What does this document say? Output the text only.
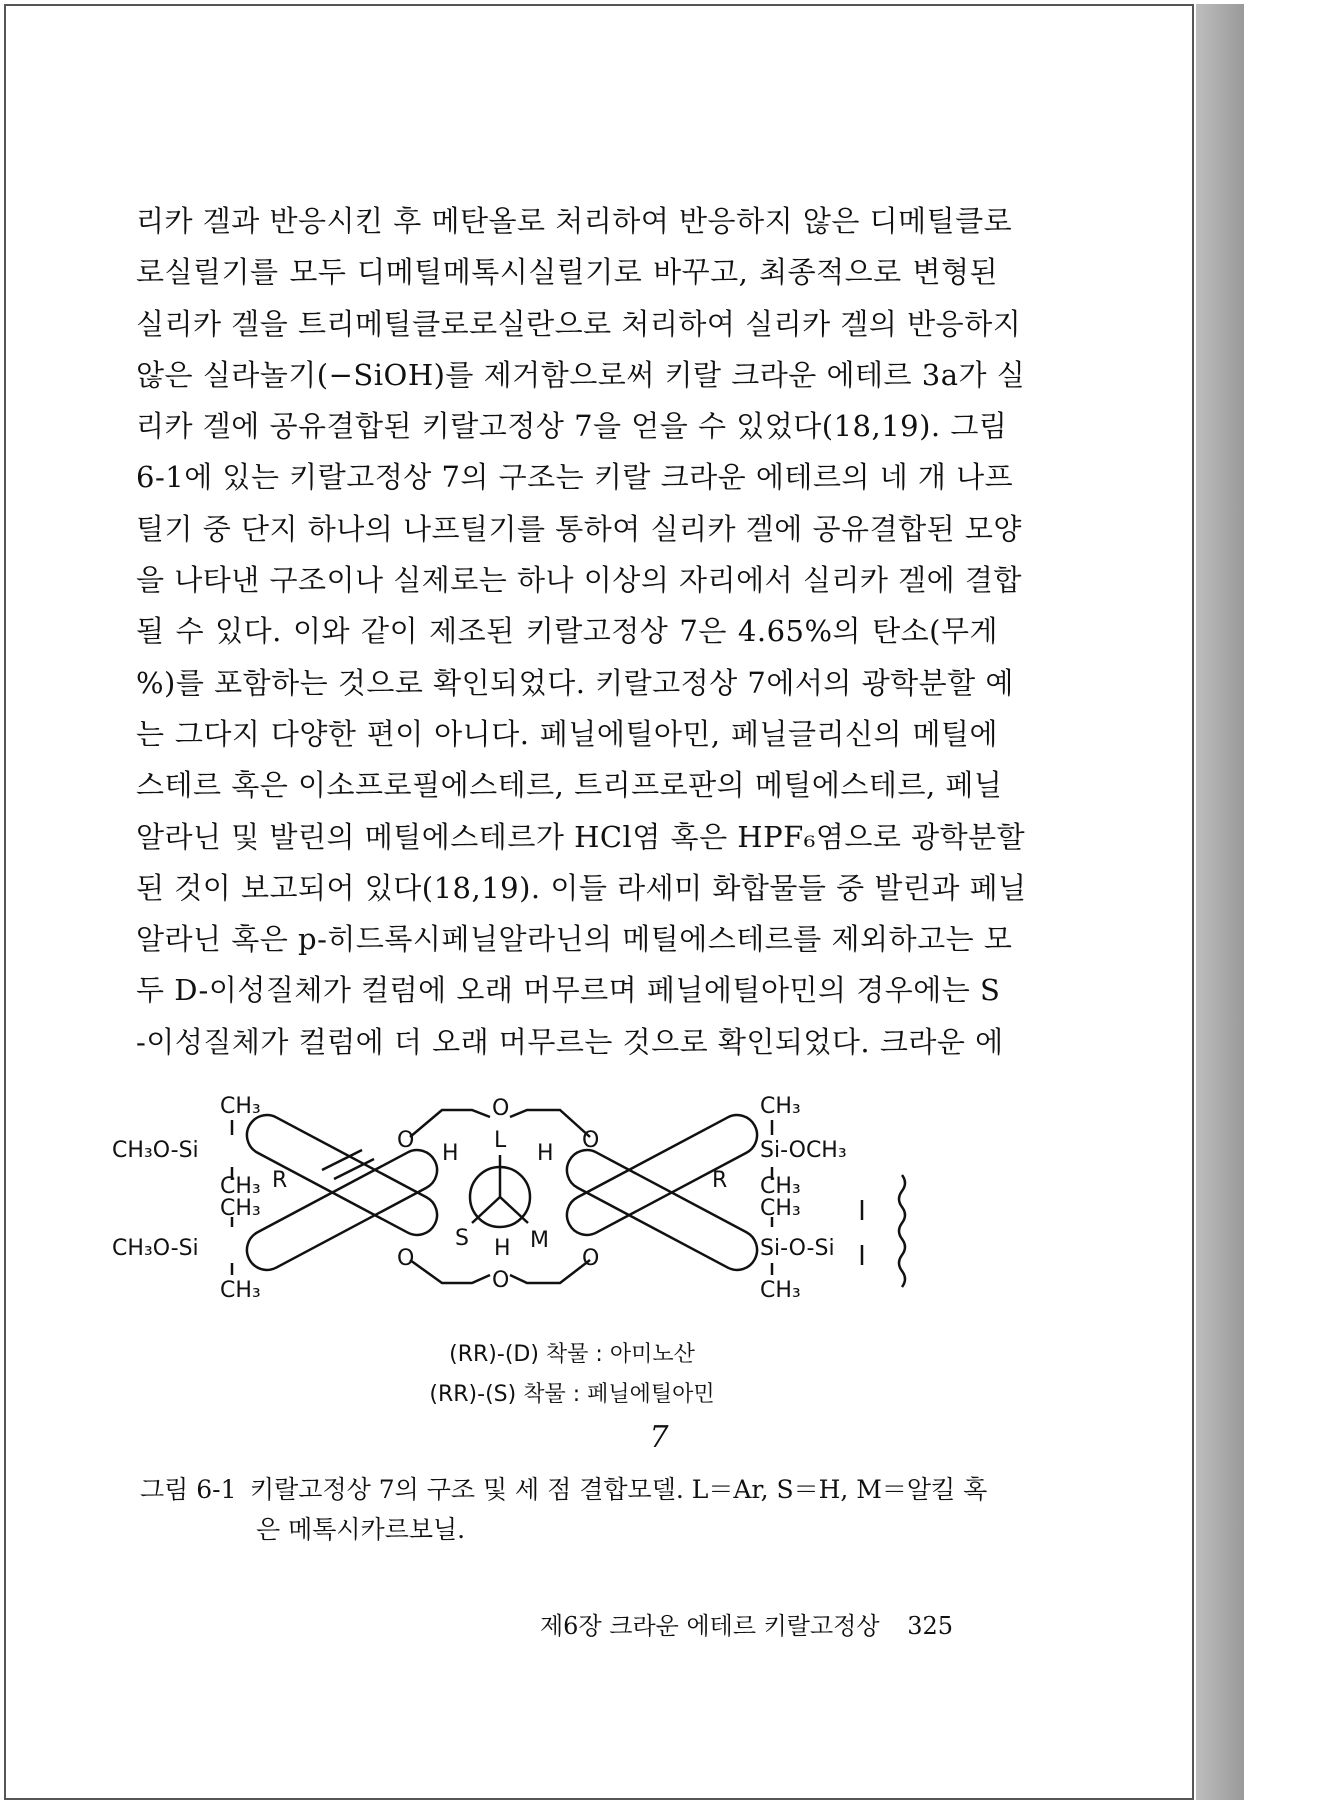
리카 겔과 반응시킨 후 메탄올로 처리하여 반응하지 않은 디메틸클로

로실릴기를 모두 디메틸메톡시실릴기로 바꾸고, 최종적으로 변형된

실리카 겔을 트리메틸클로로실란으로 처리하여 실리카 겔의 반응하지

않은 실라놀기(−SiOH)를 제거함으로써 키랄 크라운 에테르 3a가 실

리카 겔에 공유결합된 키랄고정상 7을 얻을 수 있었다(18,19). 그림

6-1에 있는 키랄고정상 7의 구조는 키랄 크라운 에테르의 네 개 나프

틸기 중 단지 하나의 나프틸기를 통하여 실리카 겔에 공유결합된 모양

을 나타낸 구조이나 실제로는 하나 이상의 자리에서 실리카 겔에 결합

될 수 있다. 이와 같이 제조된 키랄고정상 7은 4.65%의 탄소(무게

%)를 포함하는 것으로 확인되었다. 키랄고정상 7에서의 광학분할 예

는 그다지 다양한 편이 아니다. 페닐에틸아민, 페닐글리신의 메틸에

스테르 혹은 이소프로필에스테르, 트리프로판의 메틸에스테르, 페닐

알라닌 및 발린의 메틸에스테르가 HCl염 혹은 HPF₆염으로 광학분할

된 것이 보고되어 있다(18,19). 이들 라세미 화합물들 중 발린과 페닐

알라닌 혹은 p-히드록시페닐알라닌의 메틸에스테르를 제외하고는 모

두 D-이성질체가 컬럼에 오래 머무르며 페닐에틸아민의 경우에는 S

-이성질체가 컬럼에 더 오래 머무르는 것으로 확인되었다. 크라운 에

CH₃
CH₃O-Si
CH₃
CH₃
CH₃O-Si
CH₃
R
O
O
O
O
O
O
L
H	H
S	M
H
R
CH₃
Si-OCH₃
CH₃
CH₃
Si-O-Si
CH₃
(RR)-(D) 착물 : 아미노산
(RR)-(S) 착물 : 페닐에틸아민
7
그림 6-1 키랄고정상 7의 구조 및 세 점 결합모델. L＝Ar, S＝H, M＝알킬 혹
은 메톡시카르보닐.
제6장 크라운 에테르 키랄고정상 325
